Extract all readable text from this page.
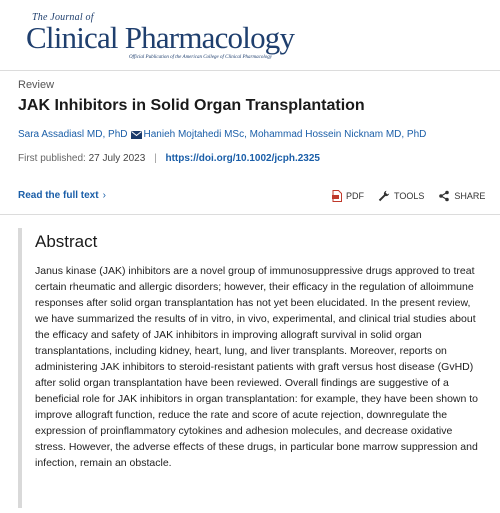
The Journal of
Clinical Pharmacology
Official Publication of the American College of Clinical Pharmacology
Review
JAK Inhibitors in Solid Organ Transplantation
Sara Assadiasl MD, PhD Hanieh Mojtahedi MSc, Mohammad Hossein Nicknam MD, PhD
First published: 27 July 2023 | https://doi.org/10.1002/jcph.2325
Read the full text ›	PDF	TOOLS	SHARE
Abstract
Janus kinase (JAK) inhibitors are a novel group of immunosuppressive drugs approved to treat certain rheumatic and allergic disorders; however, their efficacy in the regulation of alloimmune responses after solid organ transplantation has not yet been elucidated. In the present review, we have summarized the results of in vitro, in vivo, experimental, and clinical trial studies about the efficacy and safety of JAK inhibitors in improving allograft survival in solid organ transplantations, including kidney, heart, lung, and liver transplants. Moreover, reports on administering JAK inhibitors to steroid-resistant patients with graft versus host disease (GvHD) after solid organ transplantation have been reviewed. Overall findings are suggestive of a beneficial role for JAK inhibitors in organ transplantation: for example, they have been shown to improve allograft function, reduce the rate and score of acute rejection, downregulate the expression of proinflammatory cytokines and adhesion molecules, and decrease oxidative stress. However, the adverse effects of these drugs, in particular bone marrow suppression and infection, remain an obstacle.
